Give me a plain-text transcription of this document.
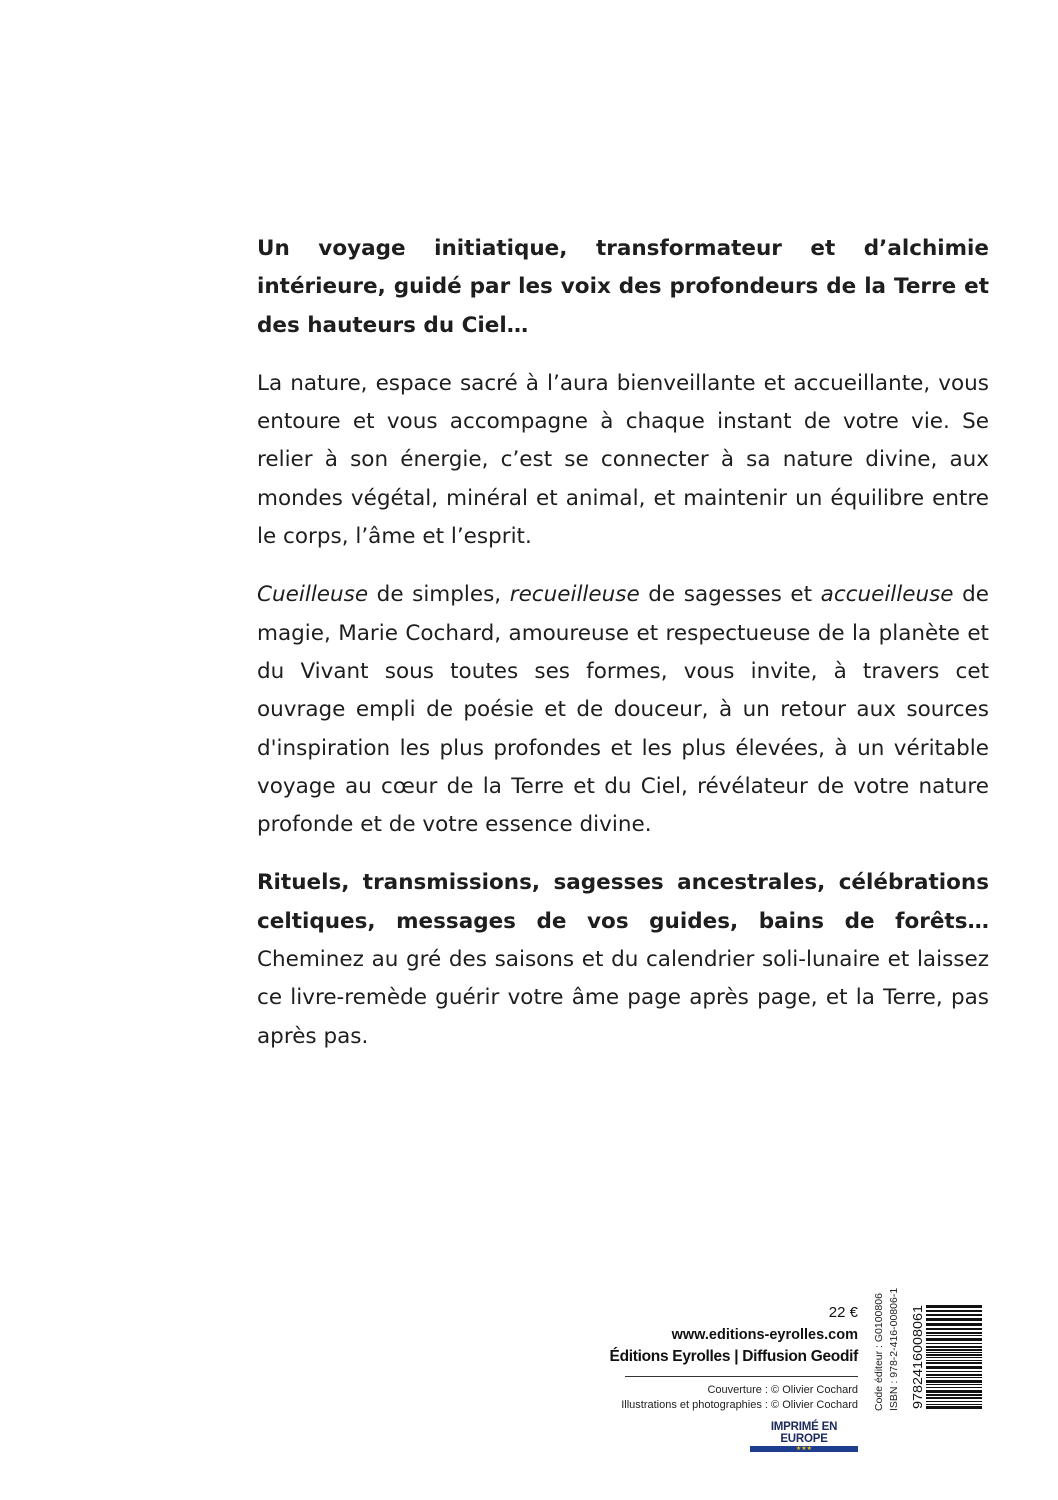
Un voyage initiatique, transformateur et d’alchimie intérieure, guidé par les voix des profondeurs de la Terre et des hauteurs du Ciel…

La nature, espace sacré à l’aura bienveillante et accueillante, vous entoure et vous accompagne à chaque instant de votre vie. Se relier à son énergie, c’est se connecter à sa nature divine, aux mondes végétal, minéral et animal, et maintenir un équilibre entre le corps, l’âme et l’esprit.

Cueilleuse de simples, recueilleuse de sagesses et accueilleuse de magie, Marie Cochard, amoureuse et respectueuse de la planète et du Vivant sous toutes ses formes, vous invite, à travers cet ouvrage empli de poésie et de douceur, à un retour aux sources d'inspiration les plus profondes et les plus élevées, à un véritable voyage au cœur de la Terre et du Ciel, révélateur de votre nature profonde et de votre essence divine.

Rituels, transmissions, sagesses ancestrales, célébrations celtiques, messages de vos guides, bains de forêts… Cheminez au gré des saisons et du calendrier soli-lunaire et laissez ce livre-remède guérir votre âme page après page, et la Terre, pas après pas.

22 €
www.editions-eyrolles.com
Éditions Eyrolles | Diffusion Geodif
Couverture : © Olivier Cochard
Illustrations et photographies : © Olivier Cochard
IMPRIMÉ EN EUROPE
★★★
Code éditeur : G0100806 ISBN : 978-2-416-00806-1 9782416008061
